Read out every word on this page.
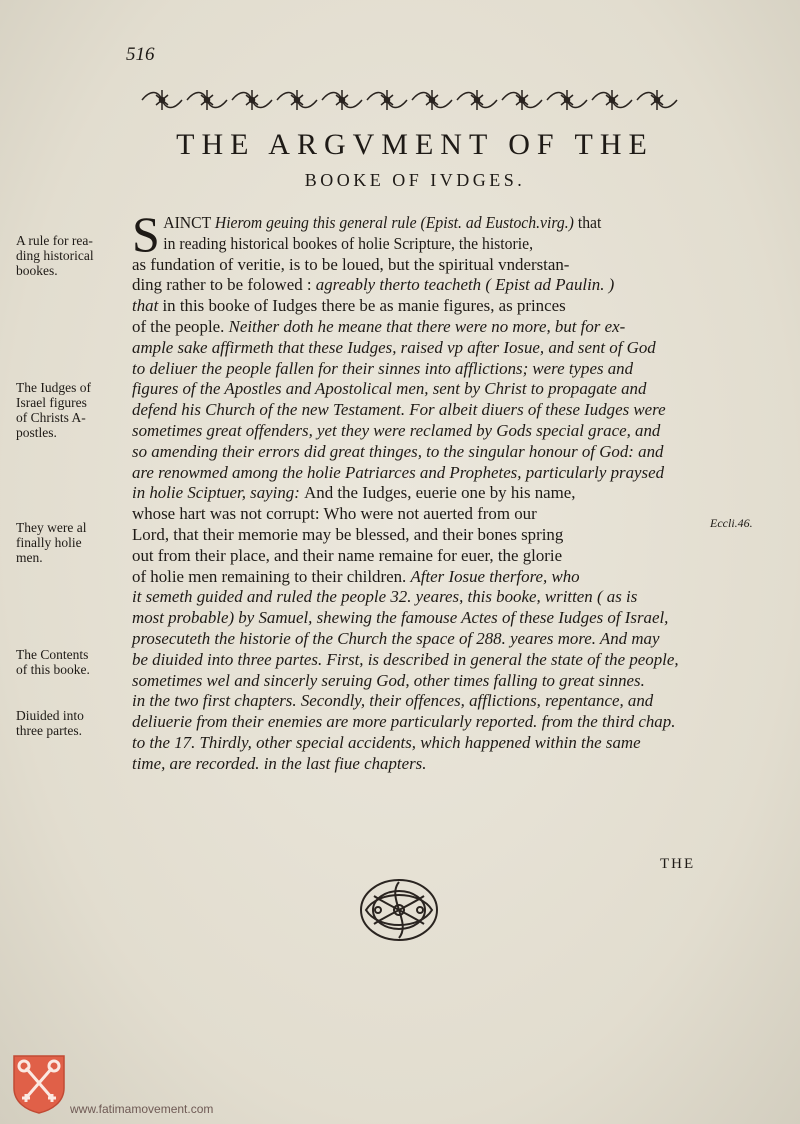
516
THE ARGVMENT OF THE
BOOKE OF IVDGES.
S AINCT Hierom geuing this general rule (Epist. ad Eustoch.virg.) that
in reading historical bookes of holie Scripture, the historie,
as fundation of veritie, is to be loued, but the spiritual vnderstan-
ding rather to be folowed : agreably therto teacheth ( Epist ad Paulin. )
that in this booke of Iudges there be as manie figures, as princes
of the people. Neither doth he meane that there were no more, but for ex-
ample sake affirmeth that these Iudges, raised vp after Iosue, and sent of God
to deliuer the people fallen for their sinnes into afflictions; were types and
figures of the Apostles and Apostolical men, sent by Christ to propagate and
defend his Church of the new Testament. For albeit diuers of these Iudges were
sometimes great offenders, yet they were reclamed by Gods special grace, and
so amending their errors did great thinges, to the singular honour of God: and
are renowmed among the holie Patriarces and Prophetes, particularly praysed
in holie Sciptuer, saying: And the Iudges, euerie one by his name,
whose hart was not corrupt: Who were not auerted from our
Lord, that their memorie may be blessed, and their bones spring
out from their place, and their name remaine for euer, the glorie
of holie men remaining to their children. After Iosue therfore, who
it semeth guided and ruled the people 32. yeares, this booke, written ( as is
most probable) by Samuel, shewing the famouse Actes of these Iudges of Israel,
prosecuteth the historie of the Church the space of 288. yeares more. And may
be diuided into three partes. First, is described in general the state of the people,
sometimes wel and sincerly seruing God, other times falling to great sinnes.
in the two first chapters. Secondly, their offences, afflictions, repentance, and
deliuerie from their enemies are more particularly reported. from the third chap.
to the 17. Thirdly, other special accidents, which happened within the same
time, are recorded. in the last fiue chapters.
A rule for rea-
ding historical
bookes.
The Iudges of
Israel figures
of Christs A-
postles.
They were al
finally holie
men.
The Contents
of this booke.
Diuided into
three partes.
Eccli.46.
THE
www.fatimamovement.com
